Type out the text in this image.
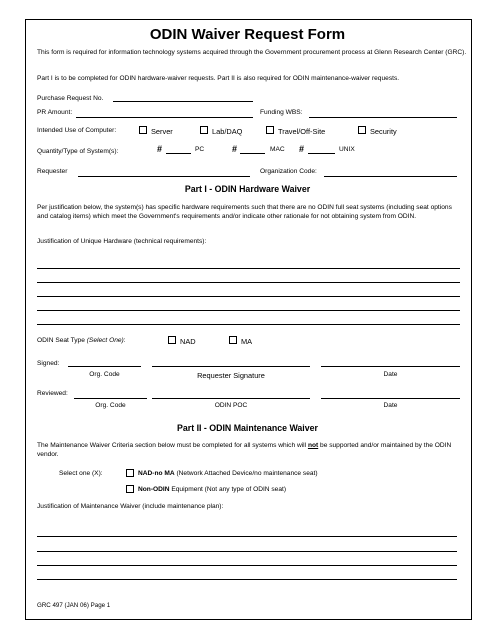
ODIN Waiver Request Form
This form is required for information technology systems acquired through the Government procurement process at Glenn Research Center (GRC).
Part I is to be completed for ODIN hardware-waiver requests. Part II is also required for ODIN maintenance-waiver requests.
Purchase Request No.
PR Amount:	Funding WBS:
Intended Use of Computer:	Server	Lab/DAQ	Travel/Off-Site	Security
Quantity/Type of System(s):	#	PC	#	MAC #	UNIX
Requester	Organization Code:
Part I - ODIN Hardware Waiver
Per justification below, the system(s) has specific hardware requirements such that there are no ODIN full seat systems (including seat options and catalog items) which meet the Government's requirements and/or indicate other rationale for not obtaining system from ODIN.
Justification of Unique Hardware (technical requirements):
ODIN Seat Type (Select One):	NAD	MA
Signed:
Org. Code	Requester Signature	Date
Reviewed:
Org. Code	ODIN POC	Date
Part II - ODIN Maintenance Waiver
The Maintenance Waiver Criteria section below must be completed for all systems which will not be supported and/or maintained by the ODIN vendor.
Select one (X):	NAD-no MA (Network Attached Device/no maintenance seat)
Non-ODIN Equipment (Not any type of ODIN seat)
Justification of Maintenance Waiver (include maintenance plan):
GRC 497 (JAN 06) Page 1
